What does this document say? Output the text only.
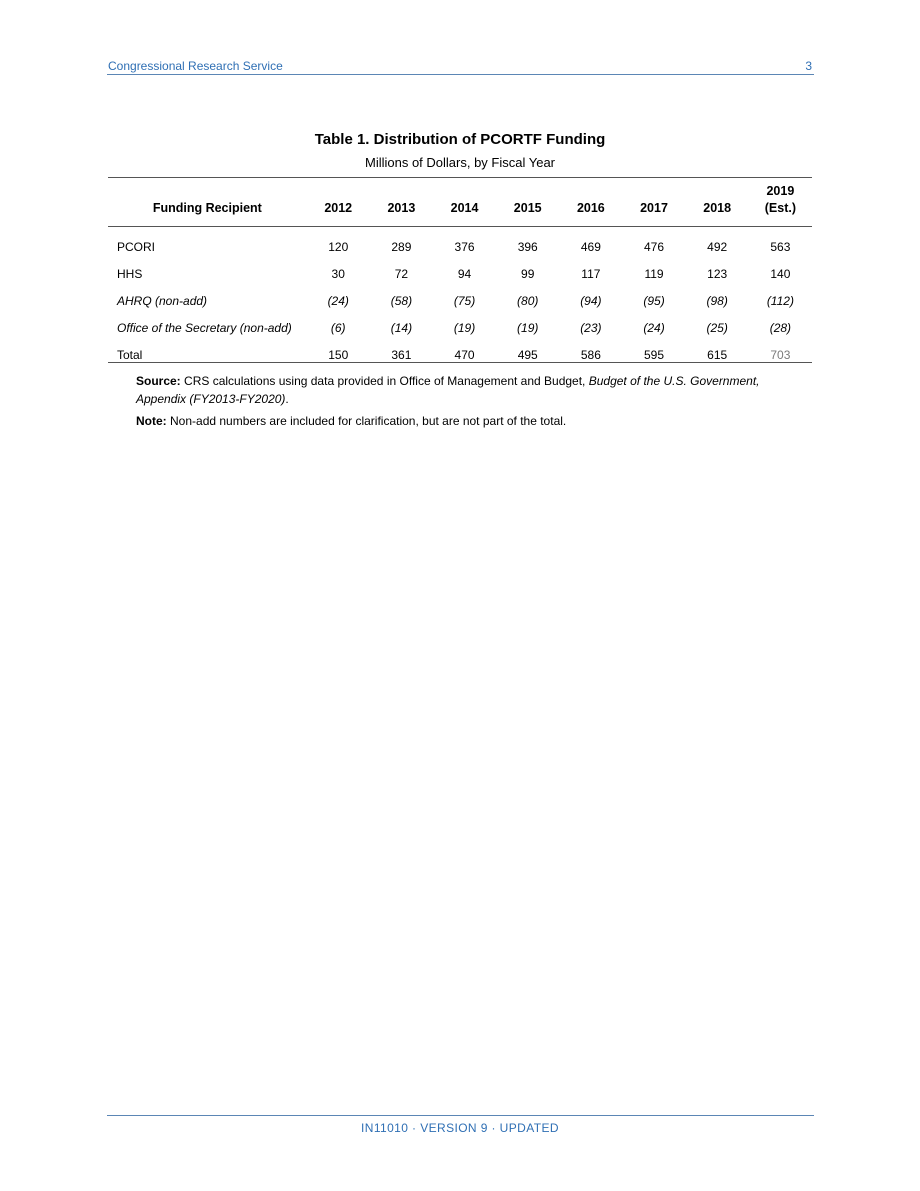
Congressional Research Service	3
Table 1. Distribution of PCORTF Funding
Millions of Dollars, by Fiscal Year
Funding Recipient	2012	2013	2014	2015	2016	2017	2018	2019
(Est.)
PCORI	120	289	376	396	469	476	492	563
HHS	30	72	94	99	117	119	123	140
AHRQ (non-add)	(24)	(58)	(75)	(80)	(94)	(95)	(98)	(112)
Office of the Secretary (non-add)	(6)	(14)	(19)	(19)	(23)	(24)	(25)	(28)
Total	150	361	470	495	586	595	615	703

Source: CRS calculations using data provided in Office of Management and Budget, Budget of the U.S. Government, Appendix (FY2013-FY2020).

Note: Non-add numbers are included for clarification, but are not part of the total.

IN11010 · VERSION 9 · UPDATED
